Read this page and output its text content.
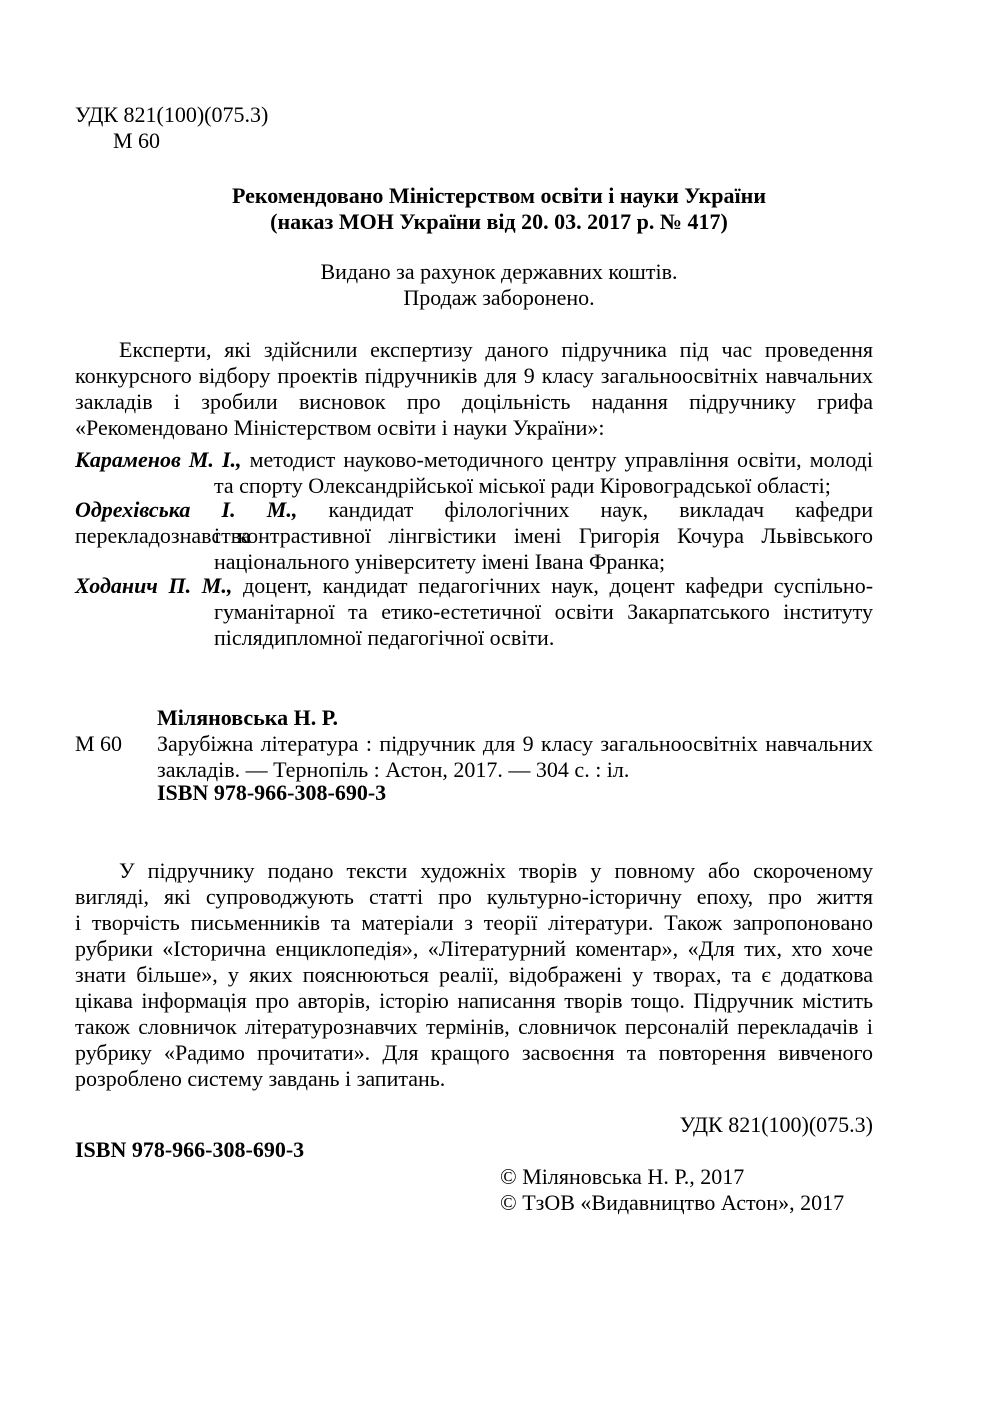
УДК 821(100)(075.3)
М 60
Рекомендовано Міністерством освіти і науки України
(наказ МОН України від 20. 03. 2017 р. № 417)
Видано за рахунок державних коштів.
Продаж заборонено.
Експерти, які здійснили експертизу даного підручника під час проведення
конкурсного відбору проектів підручників для 9 класу загальноосвітніх навчальних
закладів і зробили висновок про доцільність надання підручнику грифа
«Рекомендовано Міністерством освіти і науки України»:
Караменов М. І., методист науково-методичного центру управління освіти, молоді
та спорту Олександрійської міської ради Кіровоградської області;
Одрехівська І. М., кандидат філологічних наук, викладач кафедри перекладознавства
і контрастивної лінгвістики імені Григорія Кочура Львівського
національного університету імені Івана Франка;
Ходанич П. М., доцент, кандидат педагогічних наук, доцент кафедри суспільно-
гуманітарної та етико-естетичної освіти Закарпатського інституту
післядипломної педагогічної освіти.
Міляновська Н. Р.
М 60 Зарубіжна література : підручник для 9 класу загальноосвітніх навчальних
закладів. — Тернопіль : Астон, 2017. — 304 с. : іл.
ISBN 978-966-308-690-3
У підручнику подано тексти художніх творів у повному або скороченому
вигляді, які супроводжують статті про культурно-історичну епоху, про життя
і творчість письменників та матеріали з теорії літератури. Також запропоновано
рубрики «Історична енциклопедія», «Літературний коментар», «Для тих, хто хоче
знати більше», у яких пояснюються реалії, відображені у творах, та є додаткова
цікава інформація про авторів, історію написання творів тощо. Підручник містить
також словничок літературознавчих термінів, словничок персоналій перекладачів і
рубрику «Радимо прочитати». Для кращого засвоєння та повторення вивченого
розроблено систему завдань і запитань.
УДК 821(100)(075.3)
ISBN 978-966-308-690-3
© Міляновська Н. Р., 2017
© ТзОВ «Видавництво Астон», 2017
